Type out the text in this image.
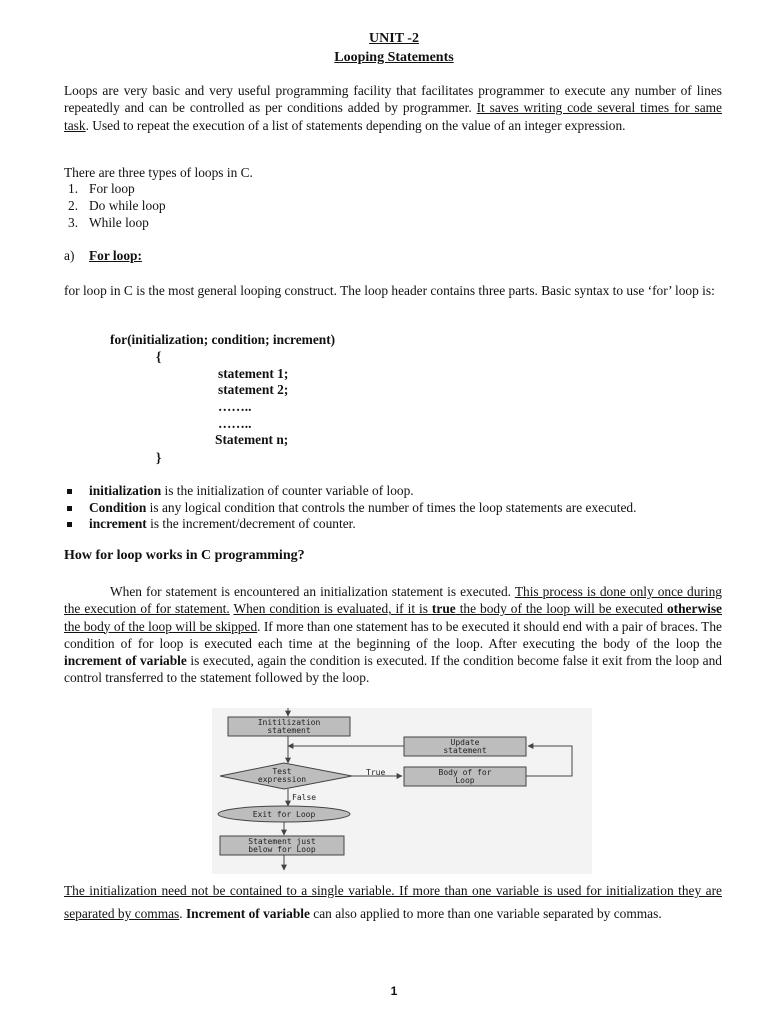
UNIT -2
Looping Statements

Loops are very basic and very useful programming facility that facilitates programmer to execute any number of lines repeatedly and can be controlled as per conditions added by programmer. It saves writing code several times for same task. Used to repeat the execution of a list of statements depending on the value of an integer expression.

There are three types of loops in C.

1. For loop
2. Do while loop
3. While loop
a) For loop:

for loop in C is the most general looping construct. The loop header contains three parts. Basic syntax to use ‘for’ loop is:

for(initialization; condition; increment)
{
statement 1;
statement 2;
……..
……..
Statement n;
}
initialization is the initialization of counter variable of loop.
Condition is any logical condition that controls the number of times the loop statements are executed.
increment is the increment/decrement of counter.
How for loop works in C programming?

When for statement is encountered an initialization statement is executed. This process is done only once during the execution of for statement. When condition is evaluated, if it is true the body of the loop will be executed otherwise the body of the loop will be skipped. If more than one statement has to be executed it should end with a pair of braces. The condition of for loop is executed each time at the beginning of the loop. After executing the body of the loop the increment of variable is executed, again the condition is executed. If the condition become false it exit from the loop and control transferred to the statement followed by the loop.

Initilization
statement
Update
statement
Test
expression
True	Body of for
Loop
False
Exit for Loop
Statement just
below for Loop

The initialization need not be contained to a single variable. If more than one variable is used for initialization they are separated by commas. Increment of variable can also applied to more than one variable separated by commas.

1
